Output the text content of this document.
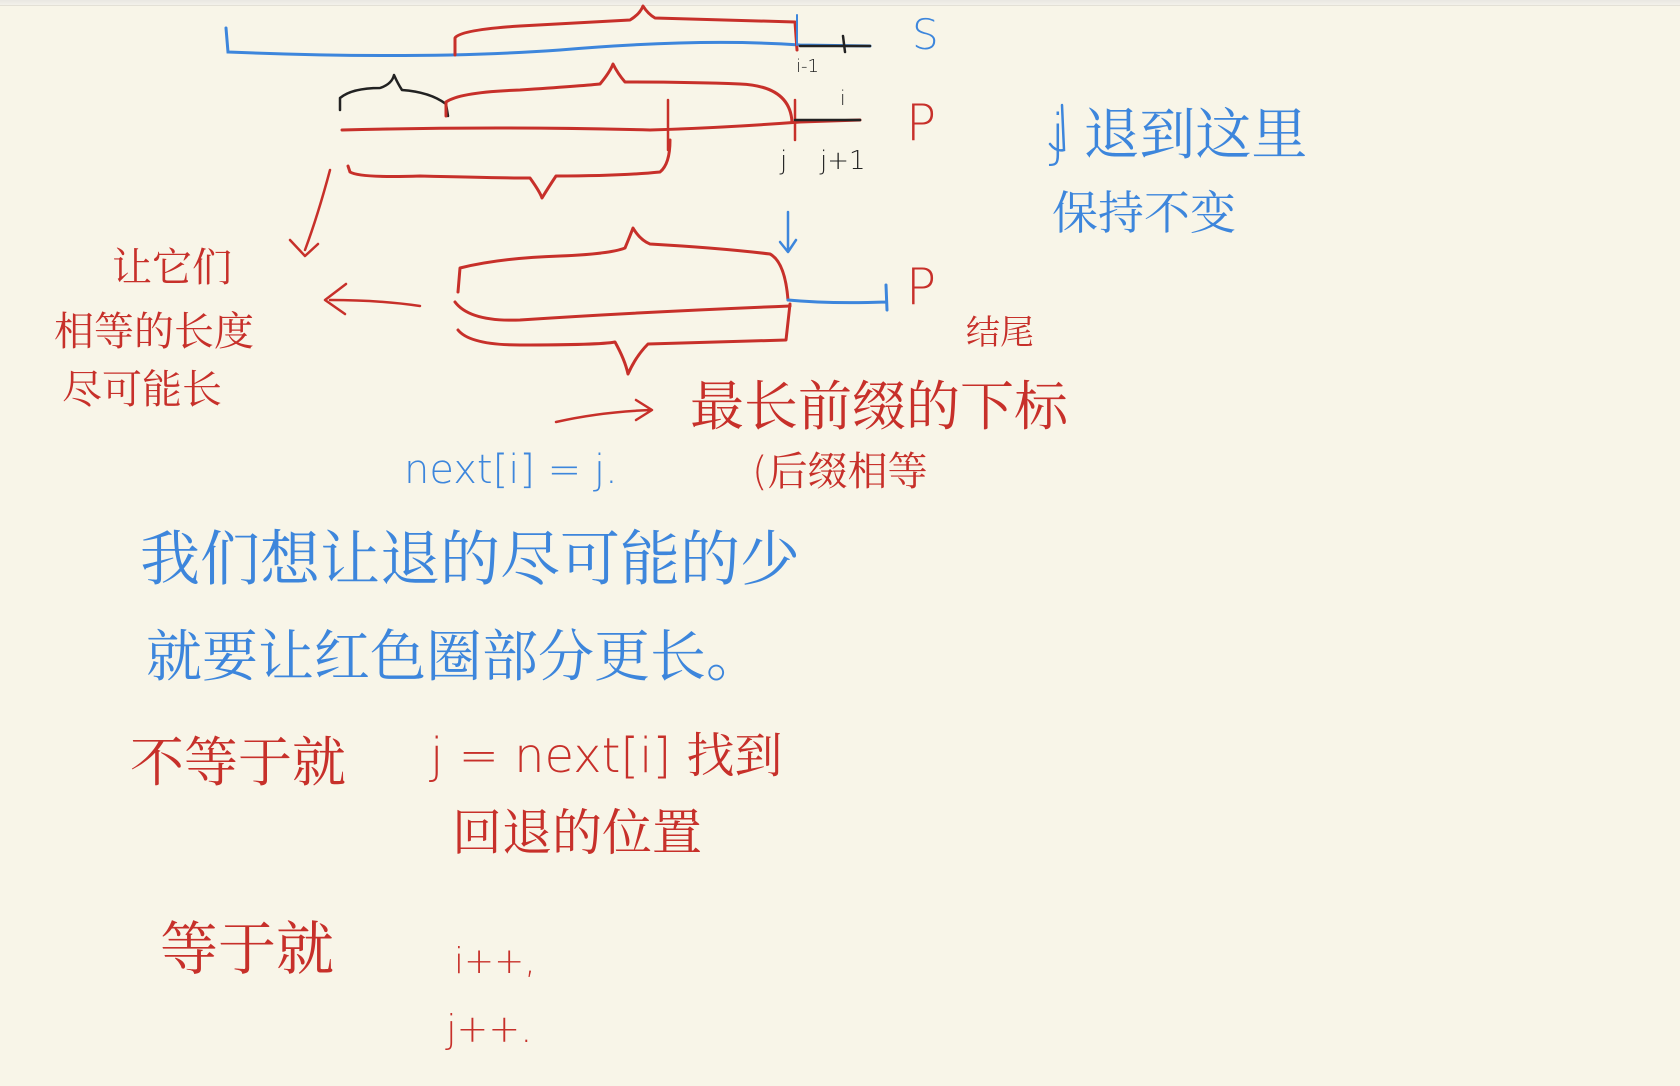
S
P
P
i-1
i
j j+1	j 退到这里
保持不变
让它们
相等的长度
尽可能长
结尾
最长前缀的下标
(后缀相等
next[i] = j.
我们想让退的尽可能的少
就要让红色圈部分更长。
不等于就 j = next[i] 找到
回退的位置
等于就	i++,
j++.
